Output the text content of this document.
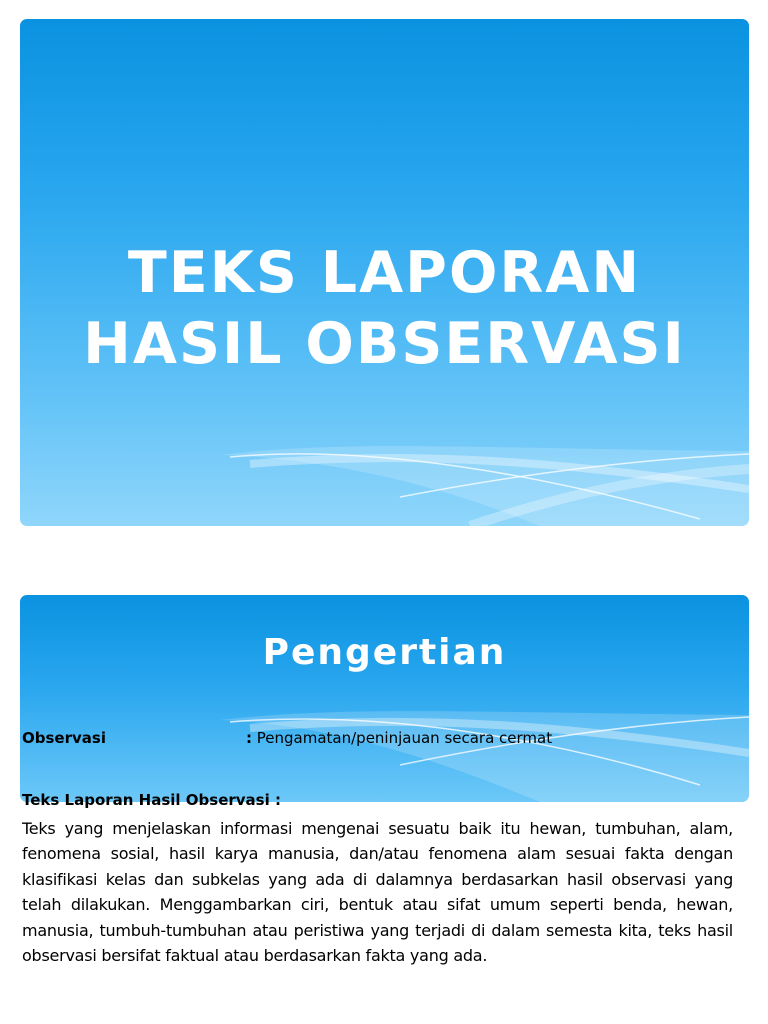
TEKS LAPORAN
HASIL OBSERVASI
Pengertian
Observasi	: Pengamatan/peninjauan secara cermat

Teks Laporan Hasil Observasi :

Teks yang menjelaskan informasi mengenai sesuatu baik itu hewan, tumbuhan, alam, fenomena sosial, hasil karya manusia, dan/atau fenomena alam sesuai fakta dengan klasifikasi kelas dan subkelas yang ada di dalamnya berdasarkan hasil observasi yang telah dilakukan. Menggambarkan ciri, bentuk atau sifat umum seperti benda, hewan, manusia, tumbuh-tumbuhan atau peristiwa yang terjadi di dalam semesta kita, teks hasil observasi bersifat faktual atau berdasarkan fakta yang ada.
